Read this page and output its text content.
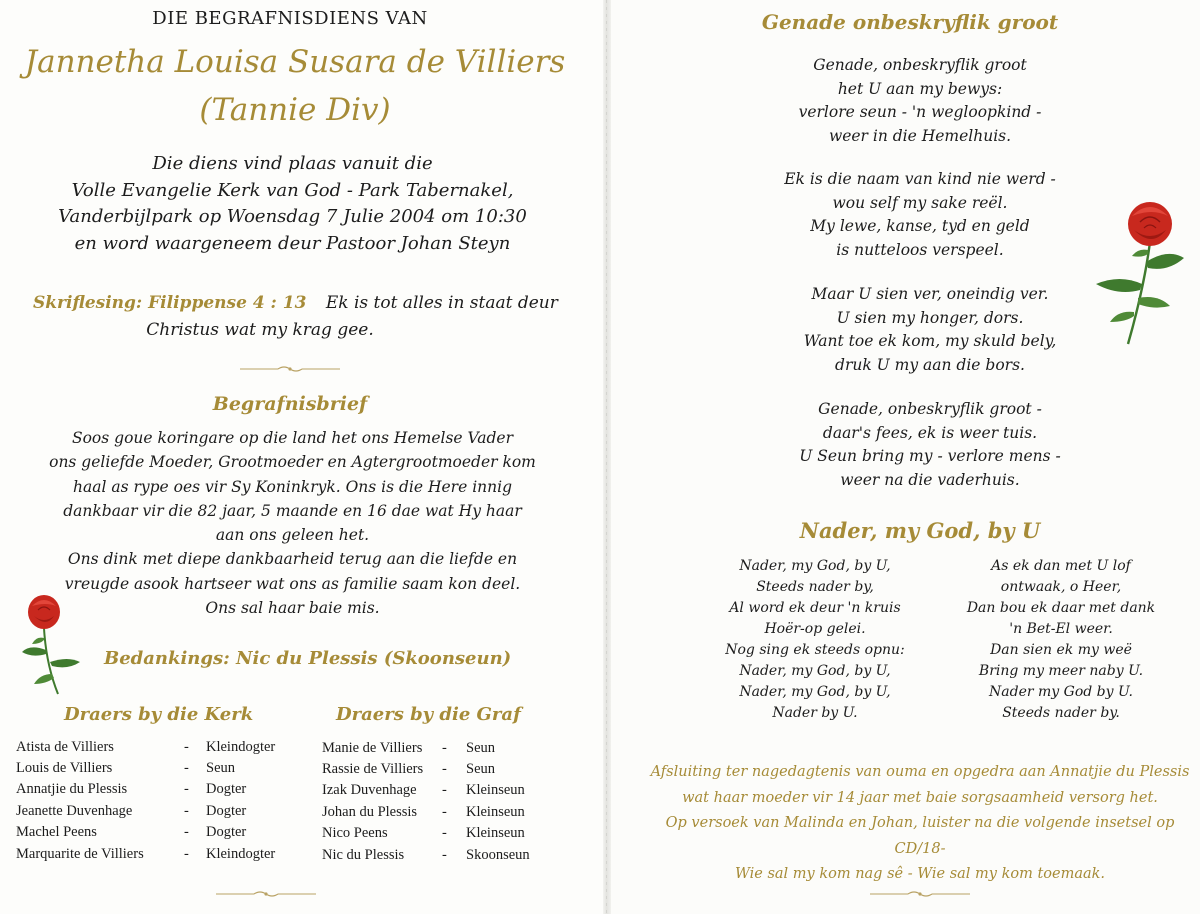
DIE BEGRAFNISDIENS VAN
Jannetha Louisa Susara de Villiers
(Tannie Div)
Die diens vind plaas vanuit die
Volle Evangelie Kerk van God - Park Tabernakel,
Vanderbijlpark op Woensdag 7 Julie 2004 om 10:30
en word waargeneem deur Pastoor Johan Steyn
Skriflesing: Filippense 4 : 13 Ek is tot alles in staat deur
Christus wat my krag gee.
Begrafnisbrief
Soos goue koringare op die land het ons Hemelse Vader
ons geliefde Moeder, Grootmoeder en Agtergrootmoeder kom
haal as rype oes vir Sy Koninkryk. Ons is die Here innig
dankbaar vir die 82 jaar, 5 maande en 16 dae wat Hy haar
aan ons geleen het.
Ons dink met diepe dankbaarheid terug aan die liefde en
vreugde asook hartseer wat ons as familie saam kon deel.
Ons sal haar baie mis.
Bedankings: Nic du Plessis (Skoonseun)
Draers by die Kerk	Draers by die Graf
Atista de Villiers	- Kleindogter
Louis de Villiers	- Seun
Annatjie du Plessis	- Dogter
Jeanette Duvenhage	- Dogter
Machel Peens	- Dogter
Marquarite de Villiers	- Kleindogter
Manie de Villiers - Seun
Rassie de Villiers - Seun
Izak Duvenhage - Kleinseun
Johan du Plessis - Kleinseun
Nico Peens	- Kleinseun
Nic du Plessis	- Skoonseun
Genade onbeskryflik groot
Genade, onbeskryflik groot
het U aan my bewys:
verlore seun - 'n wegloopkind -
weer in die Hemelhuis.
Ek is die naam van kind nie werd -
wou self my sake reël.
My lewe, kanse, tyd en geld
is nutteloos verspeel.
Maar U sien ver, oneindig ver.
U sien my honger, dors.
Want toe ek kom, my skuld bely,
druk U my aan die bors.
Genade, onbeskryflik groot -
daar's fees, ek is weer tuis.
U Seun bring my - verlore mens -
weer na die vaderhuis.
Nader, my God, by U
Nader, my God, by U,
Steeds nader by,
Al word ek deur 'n kruis
Hoër-op gelei.
Nog sing ek steeds opnu:
Nader, my God, by U,
Nader, my God, by U,
Nader by U.
As ek dan met U lof
ontwaak, o Heer,
Dan bou ek daar met dank
'n Bet-El weer.
Dan sien ek my weë
Bring my meer naby U.
Nader my God by U.
Steeds nader by.
Afsluiting ter nagedagtenis van ouma en opgedra aan Annatjie du Plessis
wat haar moeder vir 14 jaar met baie sorgsaamheid versorg het.
Op versoek van Malinda en Johan, luister na die volgende insetsel op CD/18-
Wie sal my kom nag sê - Wie sal my kom toemaak.
